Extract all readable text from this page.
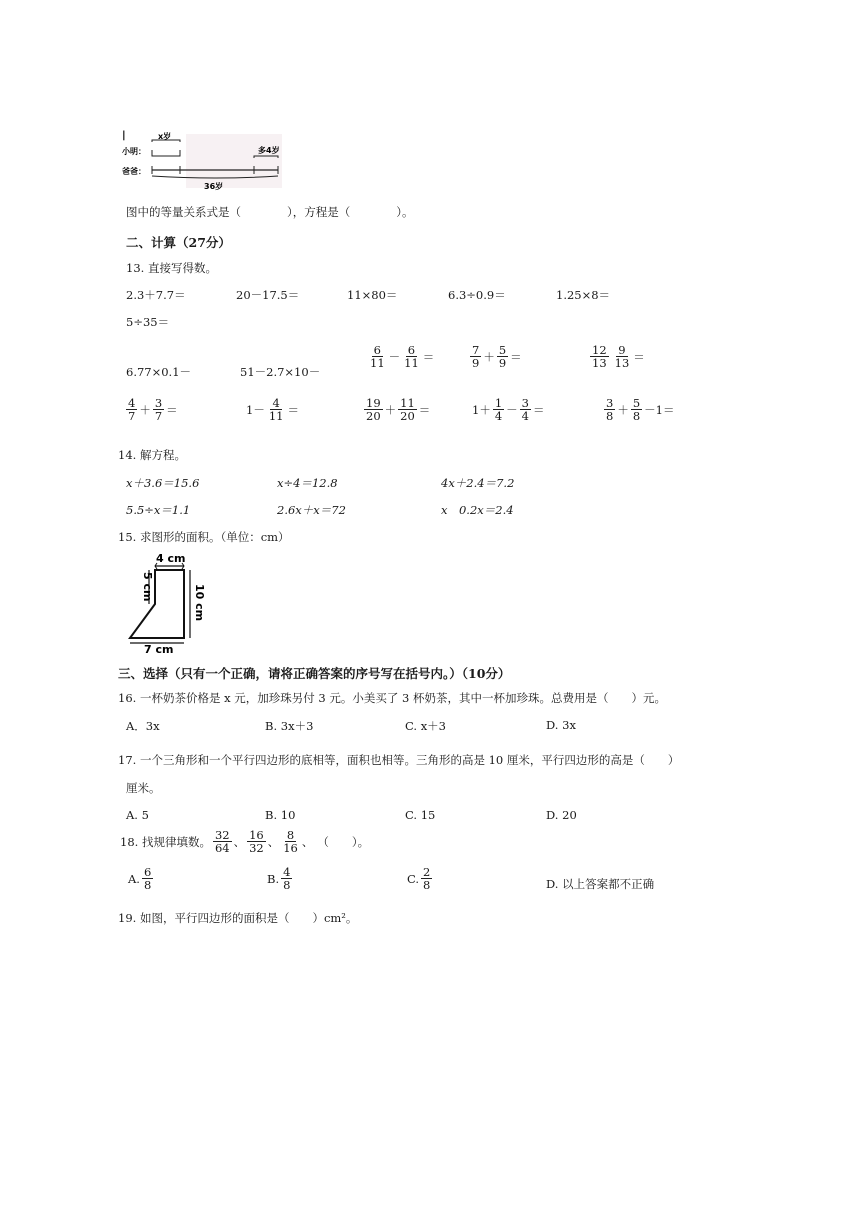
|	x岁
小明：	多4岁
爸爸：
36岁
图中的等量关系式是（　　　　），方程是（　　　　）。
二、计算（27分）
13. 直接写得数。
2.3＋7.7＝	20－17.5＝	11×80＝	6.3÷0.9＝	1.25×8＝
5÷35＝
6.77×0.1－	51－2.7×10－
$\frac{6}{11} - \frac{6}{11}$ ＝	$\frac{7}{9} + \frac{5}{9}$ ＝	$\frac{12}{13} \frac{9}{13}$ ＝
$\frac{4}{7} + \frac{3}{7}$ ＝	$1- \frac{4}{11}$ ＝	$\frac{19}{20} + \frac{11}{20}$ ＝	$1+ \frac{1}{4} - \frac{3}{4}$ ＝	$\frac{3}{8} + \frac{5}{8} -1=$
14. 解方程。
x＋3.6＝15.6	x÷4＝12.8	4x＋2.4＝7.2
5.5÷x＝1.1	2.6x＋x＝72	x　0.2x＝2.4
15. 求图形的面积。（单位：cm）
4 cm
5 cm	10 cm
7 cm
三、选择（只有一个正确，请将正确答案的序号写在括号内。）（10分）
16. 一杯奶茶价格是 x 元，加珍珠另付 3 元。小美买了 3 杯奶茶，其中一杯加珍珠。总费用是（　　）元。
A．3x	B. 3x＋3	C. x＋3	D. 3x
17. 一个三角形和一个平行四边形的底相等，面积也相等。三角形的高是 10 厘米，平行四边形的高是（　　）
厘米。
A. 5	B. 10	C. 15	D. 20
18. 找规律填数。 $\frac{32}{64}$ 、 $\frac{16}{32}$ 、 $\frac{8}{16}$ 、 （　　）。
A. $\frac{6}{8}$	B. $\frac{4}{8}$	C. $\frac{2}{8}$	D. 以上答案都不正确
19. 如图，平行四边形的面积是（　　）cm²。
